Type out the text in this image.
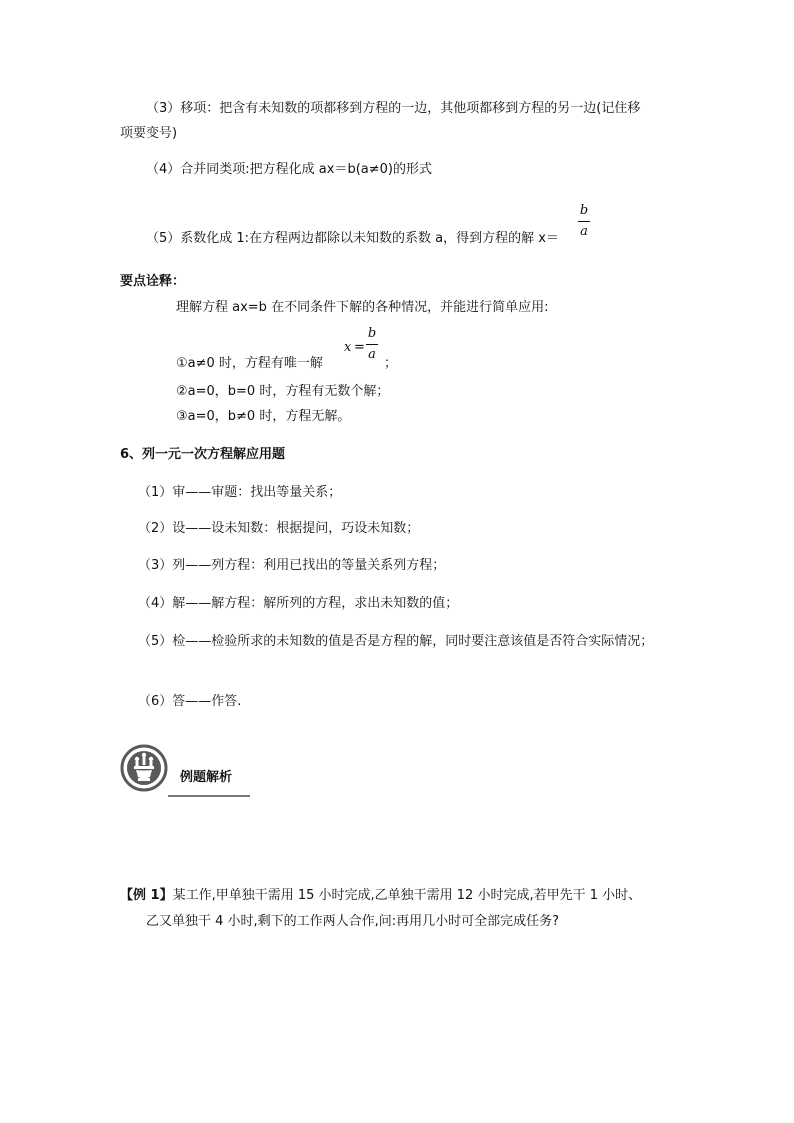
（3）移项：把含有未知数的项都移到方程的一边，其他项都移到方程的另一边(记住移
项要变号)
（4）合并同类项:把方程化成 ax＝b(a≠0)的形式
（5）系数化成 1:在方程两边都除以未知数的系数 a，得到方程的解 x＝
b
a
要点诠释：
理解方程 ax=b 在不同条件下解的各种情况，并能进行简单应用:
①a≠0 时，方程有唯一解
x =
b
a
；
②a=0，b=0 时，方程有无数个解；
③a=0，b≠0 时，方程无解。
6、列一元一次方程解应用题
（1）审——审题：找出等量关系；
（2）设——设未知数：根据提问，巧设未知数；
（3）列——列方程：利用已找出的等量关系列方程；
（4）解——解方程：解所列的方程，求出未知数的值；
（5）检——检验所求的未知数的值是否是方程的解，同时要注意该值是否符合实际情况；
（6）答——作答.
例题解析
【例 1】某工作,甲单独干需用 15 小时完成,乙单独干需用 12 小时完成,若甲先干 1 小时、
乙又单独干 4 小时,剩下的工作两人合作,问:再用几小时可全部完成任务?
